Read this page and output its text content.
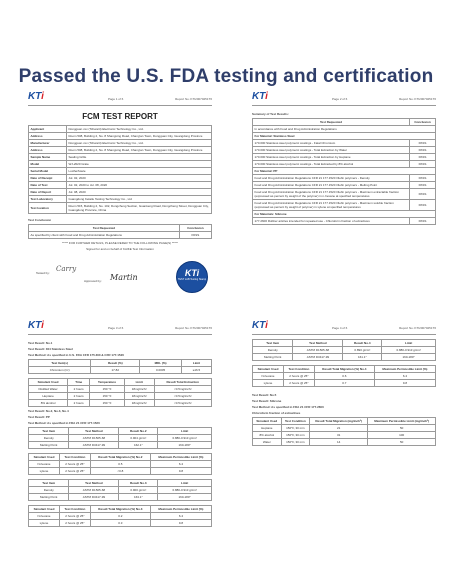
Passed the U.S. FDA testing and certification
KTi	Page 1 of 6	Report No.:KTI20070251T6
FCM TEST REPORT
Applicant	Dongguan xxx (Tchwarti) Electronic Technology Co., Ltd.
Address	Room 508, Building 2, No. 8 Shangxing Road, Chang'an Town, Dongguan City, Guangdong Province
Manufacturer	Dongguan xxx (Tchwarti) Electronic Technology Co., Ltd.
Address	Room 508, Building 2, No. 8 Shangxing Road, Chang'an Town, Dongguan City, Guangdong Province
Sample Name	Sealing Grille
Model	WJ-2020 Grate
Serial Model	Lucifer/lotele
Date of Receipt	Jul. 02, 2020
Date of Test	Jul. 02, 2020 to Jul. 08, 2020
Date of Report	Jul. 08, 2020
Test Laboratory	Guangdong Kelatiu Testing Technology Co., Ltd
Test location	Room 515, Building 2, No. 102, Dongcheng Section, Guankeng Road, Dongcheng Street, Dongguan City, Guangdong Province, China
Test Conclusion
Test Requested	Conclusion
As specified by client with Food and Drug Administration Regulations	PASS
***** FOR FURTHER DETAILS, PLEASE REFER TO THE FOLLOWING PAGE(S) *****
Signed for and on behalf of KAIKE Test Information
Tested by: Carry
Approved by: Martin	KTi
TEST LAB Testing Stamp
KTi	Page 2 of 6	Report No.:KTI20070251T6
Summary of Test Results:
Test Requested	Conclusion
In accordance with Food and Drug Administration Regulations	
For Material: Stainless Steel	
170.000 Stainless steel polymeric coatings - Fatal Chromium	PASS
170.000 Stainless steel polymeric coatings - Total Extraction by Water	PASS
170.000 Stainless steel polymeric coatings - Total Extraction by Heptane	PASS
170.000 Stainless steel polymeric coatings - Total Extracted by 8% alcohol	PASS
For Material: PP	
Food and Drug Administration Regulations CFR 21 177.1520 Olefin polymers - Density	PASS
Food and Drug Administration Regulations CFR 21 177.1520 Olefin polymers - Melting Point	PASS
Food and Drug Administration Regulations CFR 21 177.1520 Olefin polymers - Maximum extractable fraction (expressed as percent by weight of the polymer) in n-hexane at specified temperatures	PASS
Food and Drug Administration Regulations CFR 21 177.1520 Olefin polymers - Maximum soluble fraction (expressed as percent by weight of polymer) in xylene at specified temperatures	PASS
For Materials: Silicone	
177.2600 Rubber articles intended for repeated use - Chloroform fraction of extractives	PASS
KTi	Page 3 of 6	Report No.:KTI20070251T6
Test Result: No.1
Test Result: 304 Stainless Steel
Test Method: As specified in U.S. FDA CFR 175.300 & CFR 177.1520
Test Item(s)	Result (%)	MDL (%)	Limit
Chromium (Cr)	17.82	0.0005	≤16.5
Simulant Used	Time	Temperature	Limit	Result Total Extraction
Distilled Water	2 hours	150 °F	18mg/inch²	<0.5mg/inch²
Heptane	2 hours	150 °F	18mg/inch²	<0.5mg/inch²
8% alcohol	2 hours	150 °F	18mg/inch²	<0.5mg/inch²
Test Result: No.2, No.3, No.4
Test Result: PP
Test Method: As specified in FDA 21 CFR 177.1520
Test Item	Test Method	Result No.2	Limit
Density	ASTM D1505-68	0.904 g/cm³	0.880-0.913 g/cm³
Melting Point	ASTM D3417-99	162.1°	160-180°
Simulant Used	Test Condition	Result Total Migration (%) No.2	Maximum Permissible Limit (%)
N-hexane	2 hours @ 25°	0.5	6.4
xylene	2 hours @ 25°	<0.8	9.8
Test Item	Test Method	Result No.3	Limit
Density	ASTM D1505-68	0.900 g/cm³	0.880-0.913 g/cm³
Melting Point	ASTM D3417-99	163.1°	160-180°
Simulant Used	Test Condition	Result Total Migration (%) No.3	Maximum Permissible Limit (%)
N-hexane	2 hours @ 25°	0.2	6.4
xylene	2 hours @ 25°	0.3	9.8
KTi	Page 4 of 6	Report No.:KTI20070251T6
Test Item	Test Method	Result No.4	Limit
Density	ASTM D1505-68	0.890 g/cm³	0.880-0.913 g/cm³
Melting Point	ASTM D3417-99	161.1°	160-180°
Simulant Used	Test Condition	Result Total Migration (%) No.4	Maximum Permissible Limit (%)
N-hexane	2 hours @ 25°	0.6	6.4
xylene	2 hours @ 25°	0.7	9.8
Test Result: No.5
Test Result: Silicone
Test Method: As specified in FDA 21 CFR 177.2600
Chloroform fraction of extractives
Simulant Used	Test Condition	Result Total Migration (mg/inch²)	Maximum Permissible Limit (mg/inch²)
Heptane	150°F, 30 min	21	50
8% alcohol	150°F, 30 min	31	100
Water	150°F, 30 min	14	50
